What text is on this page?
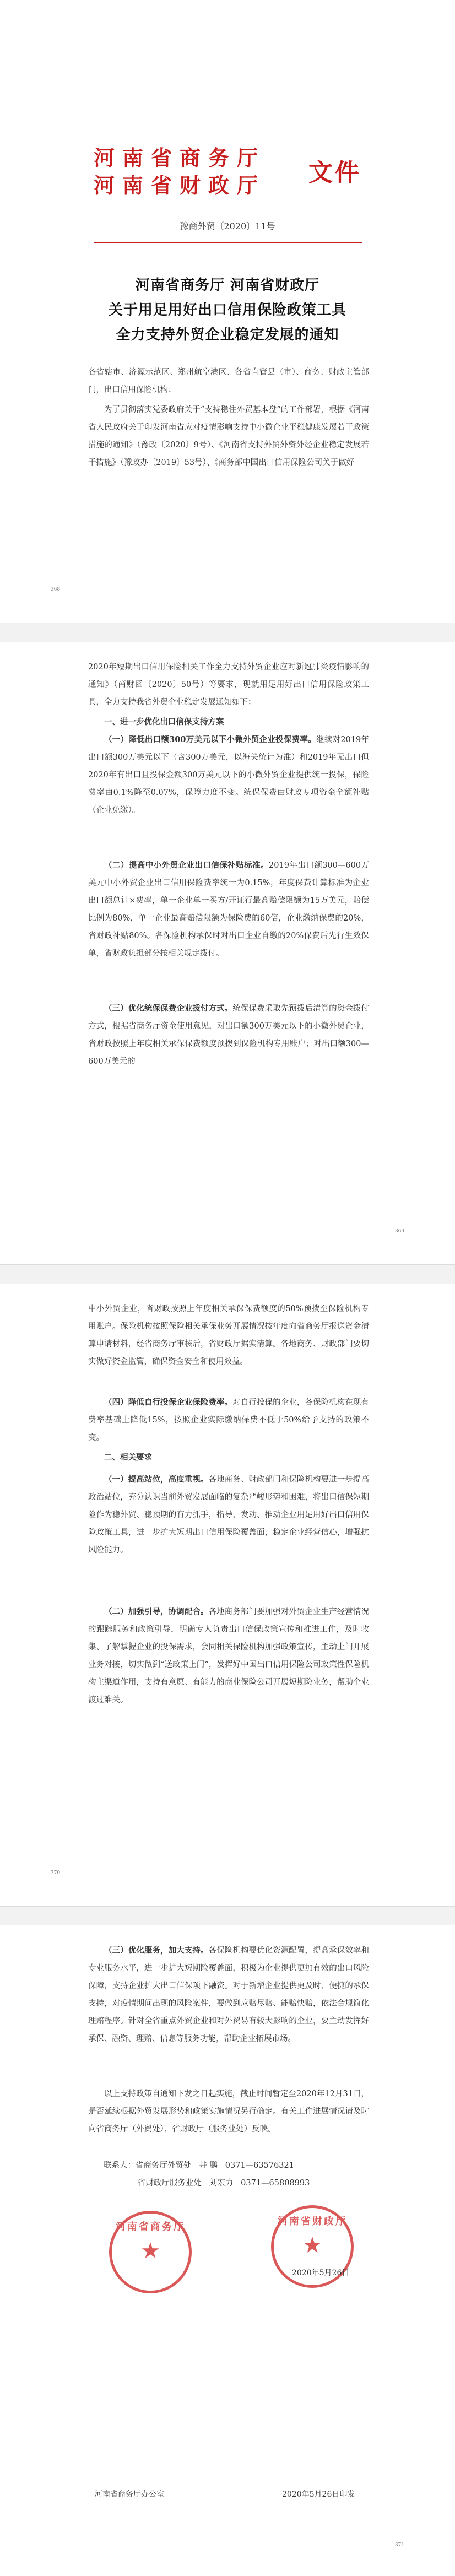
河南省商务厅
河南省财政厅 文件
豫商外贸〔2020〕11号
河南省商务厅 河南省财政厅
关于用足用好出口信用保险政策工具
全力支持外贸企业稳定发展的通知
各省辖市、济源示范区、郑州航空港区、各省直管县（市）、商务、财政主管部门，出口信用保险机构：
为了贯彻落实党委政府关于“支持稳住外贸基本盘”的工作部署，根据《河南省人民政府关于印发河南省应对疫情影响支持中小微企业平稳健康发展若干政策措施的通知》（豫政〔2020〕9号）、《河南省支持外贸外资外经企业稳定发展若干措施》（豫政办〔2019〕53号）、《商务部中国出口信用保险公司关于做好
— 368 —
2020年短期出口信用保险相关工作全力支持外贸企业应对新冠肺炎疫情影响的通知》（商财函〔2020〕50号）等要求，现就用足用好出口信用保险政策工具，全力支持我省外贸企业稳定发展通知如下：
一、进一步优化出口信保支持方案
（一）降低出口额300万美元以下小微外贸企业投保费率。继续对2019年出口额300万美元以下（含300万美元，以海关统计为准）和2019年无出口但2020年有出口且投保金额300万美元以下的小微外贸企业提供统一投保，保险费率由0.1%降至0.07%，保障力度不变。统保保费由财政专项资金全额补贴（企业免缴）。
（二）提高中小外贸企业出口信保补贴标准。2019年出口额300—600万美元中小外贸企业出口信用保险费率统一为0.15%，年度保费计算标准为企业出口额总计×费率，单一企业单一买方/开证行最高赔偿限额为15万美元，赔偿比例为80%，单一企业最高赔偿限额为保险费的60倍，企业缴纳保费的20%，省财政补贴80%。各保险机构承保时对出口企业自缴的20%保费后先行生效保单，省财政负担部分按相关规定拨付。
（三）优化统保保费企业拨付方式。统保保费采取先预拨后清算的资金拨付方式，根据省商务厅资金使用意见，对出口额300万美元以下的小微外贸企业，省财政按照上年度相关承保保费额度预拨到保险机构专用账户；对出口额300—600万美元的
— 369 —
中小外贸企业，省财政按照上年度相关承保保费额度的50%预拨至保险机构专用账户。保险机构按照保险相关承保业务开展情况按年度向省商务厅报送资金清算申请材料，经省商务厅审核后，省财政厅据实清算。各地商务、财政部门要切实做好资金监管，确保资金安全和使用效益。
（四）降低自行投保企业保险费率。对自行投保的企业，各保险机构在现有费率基础上降低15%，按照企业实际缴纳保费不低于50%给予支持的政策不变。
二、相关要求
（一）提高站位，高度重视。各地商务、财政部门和保险机构要进一步提高政治站位，充分认识当前外贸发展面临的复杂严峻形势和困难，将出口信保短期险作为稳外贸、稳预期的有力抓手，指导、发动、推动企业用足用好出口信用保险政策工具，进一步扩大短期出口信用保险覆盖面，稳定企业经营信心，增强抗风险能力。
（二）加强引导，协调配合。各地商务部门要加强对外贸企业生产经营情况的跟踪服务和政策引导，明确专人负责出口信保政策宣传和推进工作，及时收集、了解掌握企业的投保需求，会同相关保险机构加强政策宣传，主动上门开展业务对接，切实做到“送政策上门”，发挥好中国出口信用保险公司政策性保险机构主渠道作用，支持有意愿、有能力的商业保险公司开展短期险业务，帮助企业渡过难关。
— 370 —
（三）优化服务，加大支持。各保险机构要优化资源配置，提高承保效率和专业服务水平，进一步扩大短期险覆盖面，积极为企业提供更加有效的出口风险保障，支持企业扩大出口信保项下融资。对于新增企业提供更及时、便捷的承保支持，对疫情期间出现的风险案件，要做到应赔尽赔、能赔快赔，依法合规简化理赔程序。针对全省重点外贸企业和对外贸易有较大影响的企业，要主动发挥好承保、融资、理赔、信息等服务功能，帮助企业拓展市场。
以上支持政策自通知下发之日起实施，截止时间暂定至2020年12月31日，是否延续根据外贸发展形势和政策实施情况另行确定。有关工作进展情况请及时向省商务厅（外贸处）、省财政厅（服务业处）反映。
联系人：省商务厅外贸处 井 鹏 0371—63576321
省财政厅服务业处 刘宏力 0371—65808993
河南省商务厅
★
河南省财政厅
★
2020年5月26日
河南省商务厅办公室	2020年5月26日印发
— 371 —
